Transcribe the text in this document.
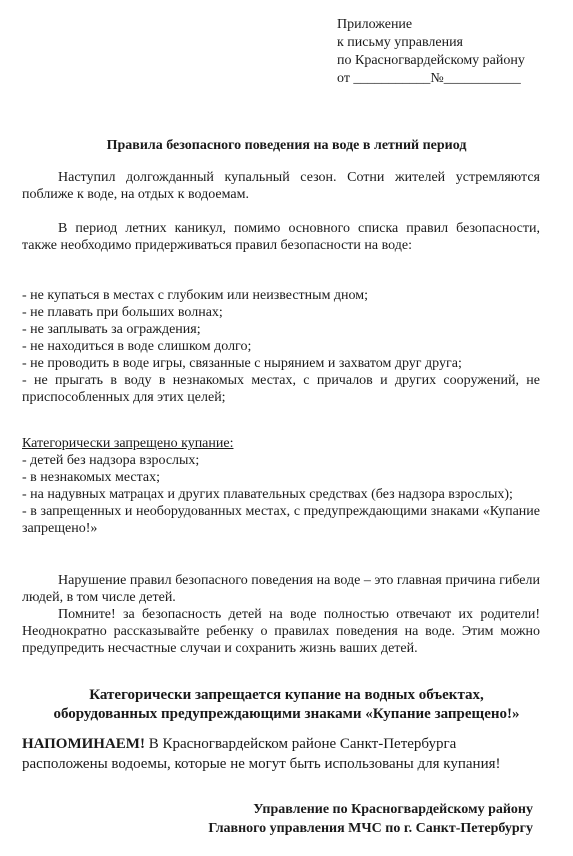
Приложение
к письму управления
по Красногвардейскому району
от ___________№___________
Правила безопасного поведения на воде в летний период

Наступил долгожданный купальный сезон. Сотни жителей устремляются поближе к воде, на отдых к водоемам.

В период летних каникул, помимо основного списка правил безопасности, также необходимо придерживаться правил безопасности на воде:

- не купаться в местах с глубоким или неизвестным дном;

- не плавать при больших волнах;

- не заплывать за ограждения;

- не находиться в воде слишком долго;

- не проводить в воде игры, связанные с нырянием и захватом друг друга;

- не прыгать в воду в незнакомых местах, с причалов и других сооружений, не приспособленных для этих целей;

Категорически запрещено купание:

- детей без надзора взрослых;

- в незнакомых местах;

- на надувных матрацах и других плавательных средствах (без надзора взрослых);

- в запрещенных и необорудованных местах, с предупреждающими знаками «Купание запрещено!»

Нарушение правил безопасного поведения на воде – это главная причина гибели людей, в том числе детей.

Помните! за безопасность детей на воде полностью отвечают их родители! Неоднократно рассказывайте ребенку о правилах поведения на воде. Этим можно предупредить несчастные случаи и сохранить жизнь ваших детей.

Категорически запрещается купание на водных объектах,
оборудованных предупреждающими знаками «Купание запрещено!»
НАПОМИНАЕМ! В Красногвардейском районе Санкт-Петербурга расположены водоемы, которые не могут быть использованы для купания!
Управление по Красногвардейскому району
Главного управления МЧС по г. Санкт-Петербургу
